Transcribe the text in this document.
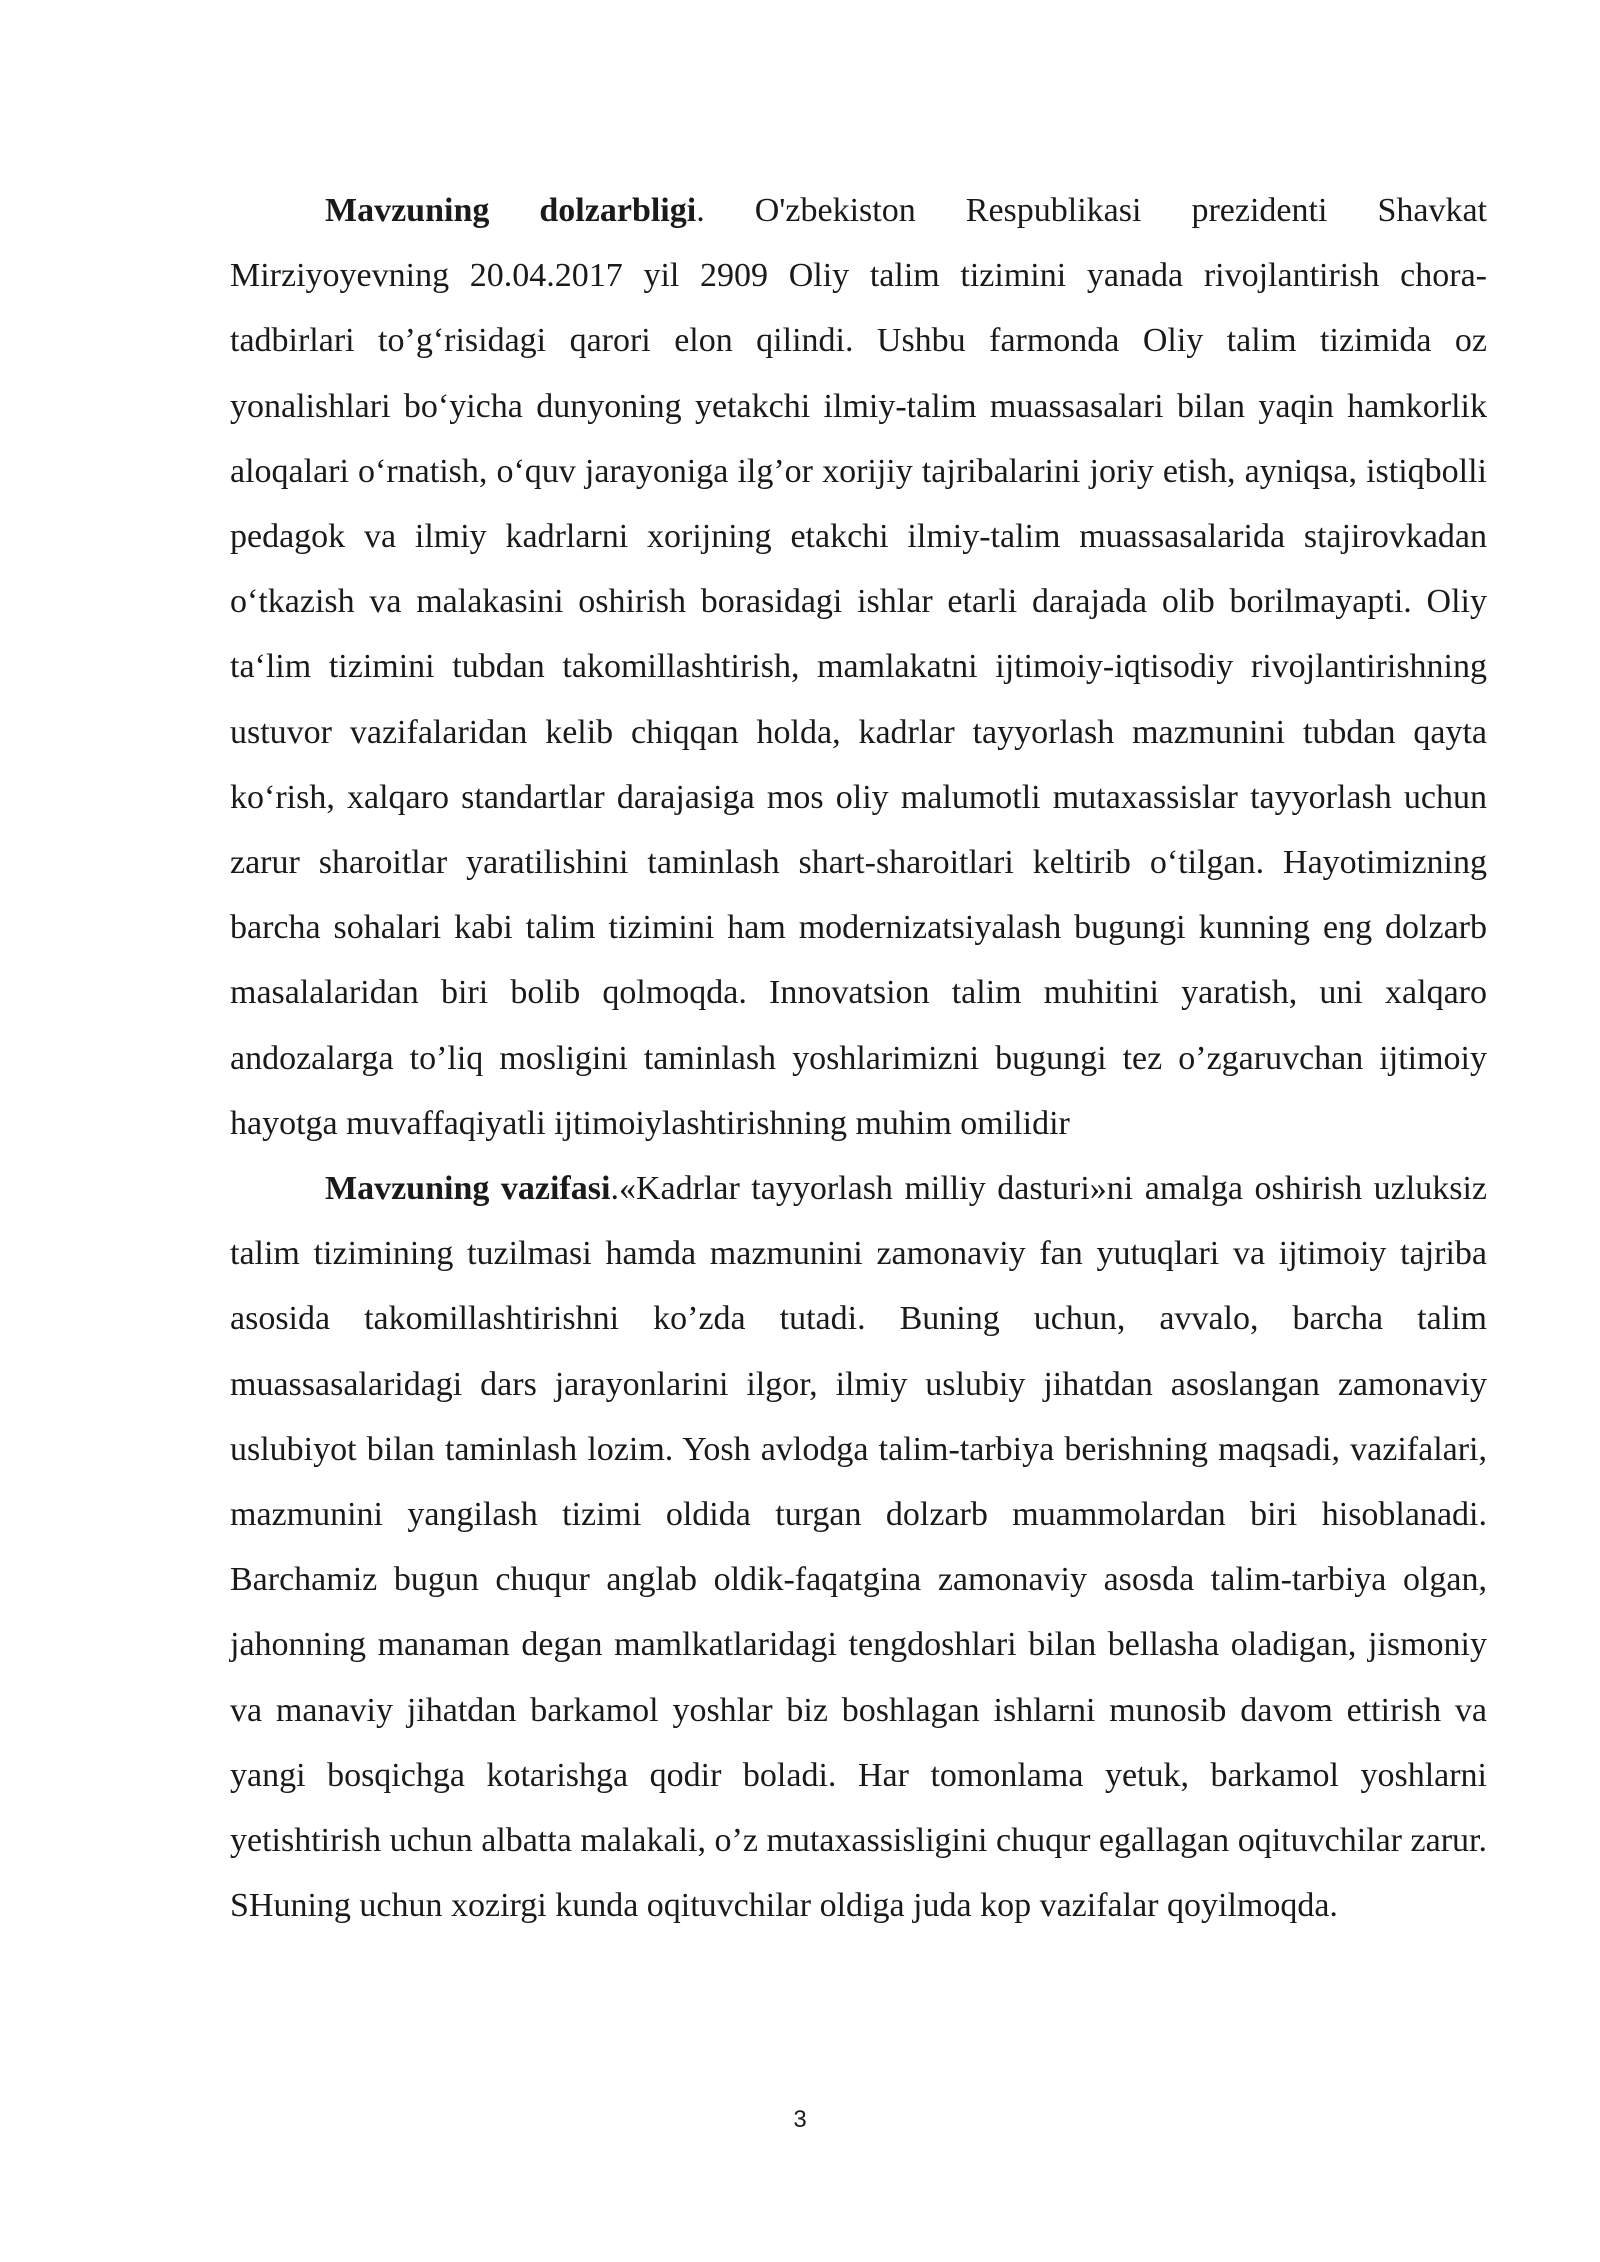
Mavzuning dolzarbligi. O'zbekiston Respublikasi prezidenti Shavkat Mirziyoyevning 20.04.2017 yil 2909 Oliy talim tizimini yanada rivojlantirish chora-tadbirlari to’g‘risidagi qarori elon qilindi. Ushbu farmonda Oliy talim tizimida oz yonalishlari bo‘yicha dunyoning yetakchi ilmiy-talim muassasalari bilan yaqin hamkorlik aloqalari o‘rnatish, o‘quv jarayoniga ilg’or xorijiy tajribalarini joriy etish, ayniqsa, istiqbolli pedagok va ilmiy kadrlarni xorijning etakchi ilmiy-talim muassasalarida stajirovkadan o‘tkazish va malakasini oshirish borasidagi ishlar etarli darajada olib borilmayapti. Oliy ta‘lim tizimini tubdan takomillashtirish, mamlakatni ijtimoiy-iqtisodiy rivojlantirishning ustuvor vazifalaridan kelib chiqqan holda, kadrlar tayyorlash mazmunini tubdan qayta ko‘rish, xalqaro standartlar darajasiga mos oliy malumotli mutaxassislar tayyorlash uchun zarur sharoitlar yaratilishini taminlash shart-sharoitlari keltirib o‘tilgan. Hayotimizning barcha sohalari kabi talim tizimini ham modernizatsiyalash bugungi kunning eng dolzarb masalalaridan biri bolib qolmoqda. Innovatsion talim muhitini yaratish, uni xalqaro andozalarga to’liq mosligini taminlash yoshlarimizni bugungi tez o’zgaruvchan ijtimoiy hayotga muvaffaqiyatli ijtimoiylashtirishning muhim omilidir

Mavzuning vazifasi.«Kadrlar tayyorlash milliy dasturi»ni amalga oshirish uzluksiz talim tizimining tuzilmasi hamda mazmunini zamonaviy fan yutuqlari va ijtimoiy tajriba asosida takomillashtirishni ko’zda tutadi. Buning uchun, avvalo, barcha talim muassasalaridagi dars jarayonlarini ilgor, ilmiy uslubiy jihatdan asoslangan zamonaviy uslubiyot bilan taminlash lozim. Yosh avlodga talim-tarbiya berishning maqsadi, vazifalari, mazmunini yangilash tizimi oldida turgan dolzarb muammolardan biri hisoblanadi. Barchamiz bugun chuqur anglab oldik-faqatgina zamonaviy asosda talim-tarbiya olgan, jahonning manaman degan mamlkatlaridagi tengdoshlari bilan bellasha oladigan, jismoniy va manaviy jihatdan barkamol yoshlar biz boshlagan ishlarni munosib davom ettirish va yangi bosqichga kotarishga qodir boladi. Har tomonlama yetuk, barkamol yoshlarni yetishtirish uchun albatta malakali, o’z mutaxassisligini chuqur egallagan oqituvchilar zarur. SHuning uchun xozirgi kunda oqituvchilar oldiga juda kop vazifalar qoyilmoqda.

3
